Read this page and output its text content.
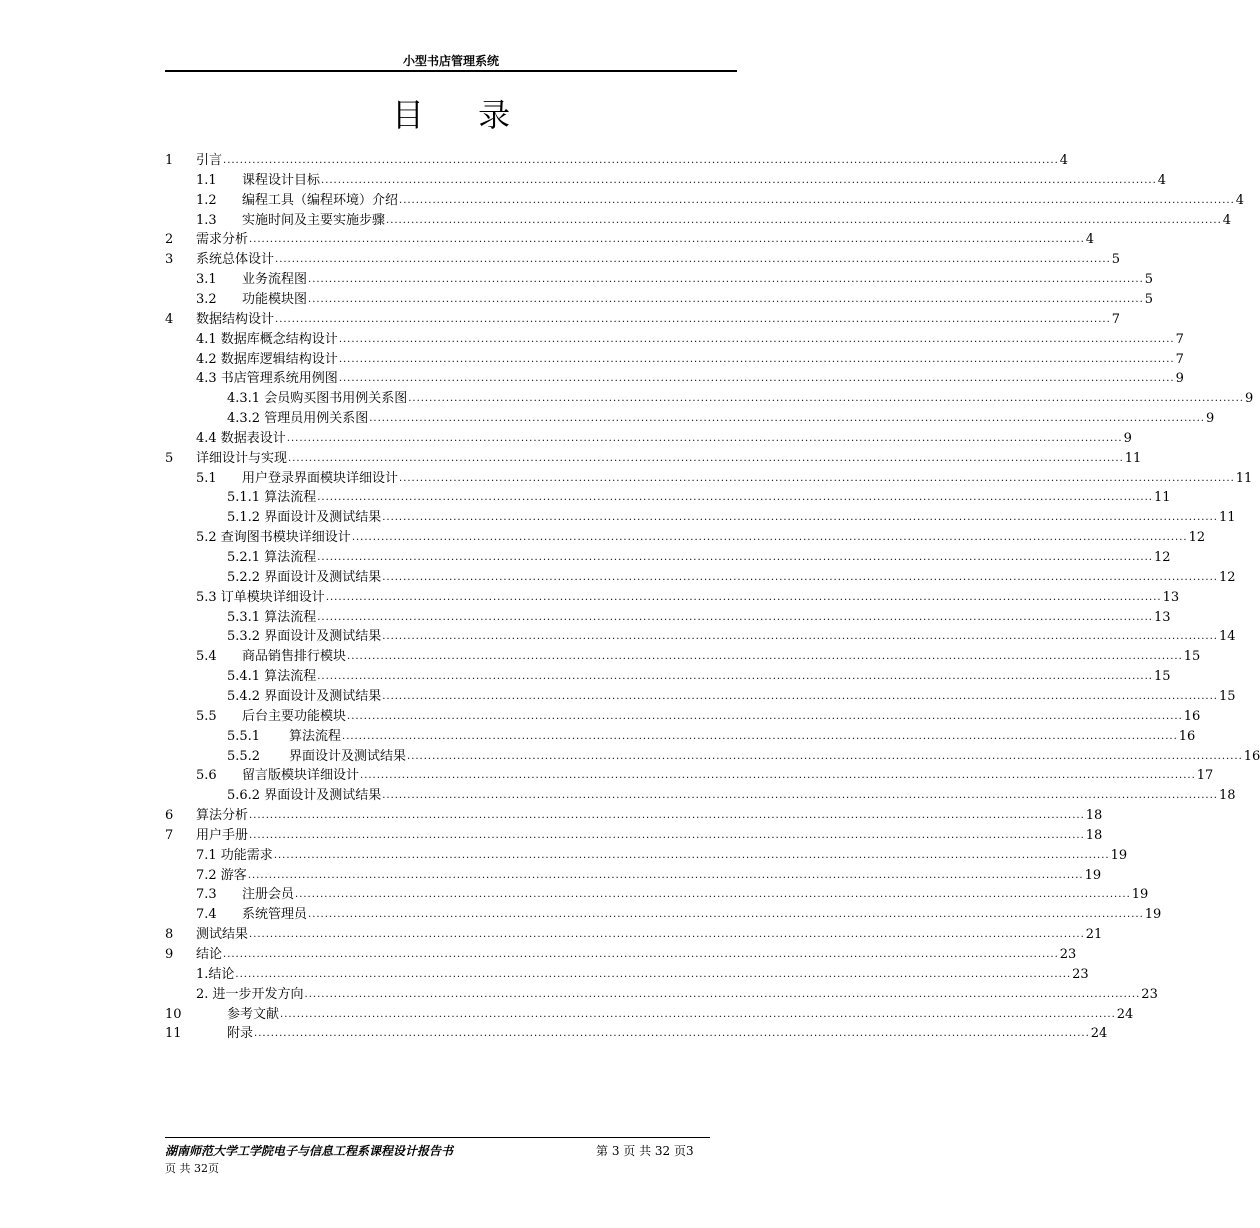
小型书店管理系统
目 录
1	引言 ........................................................................................................................................................................................................ 4
1.1	课程设计目标 ........................................................................................................................................................................................................ 4
1.2	编程工具（编程环境）介绍 ........................................................................................................................................................................................................ 4
1.3	实施时间及主要实施步骤 ........................................................................................................................................................................................................ 4
2	需求分析 ........................................................................................................................................................................................................ 4
3	系统总体设计 ........................................................................................................................................................................................................ 5
3.1	业务流程图 ........................................................................................................................................................................................................ 5
3.2	功能模块图 ........................................................................................................................................................................................................ 5
4	数据结构设计 ........................................................................................................................................................................................................ 7
4.1 数据库概念结构设计 ........................................................................................................................................................................................................ 7
4.2 数据库逻辑结构设计 ........................................................................................................................................................................................................ 7
4.3 书店管理系统用例图 ........................................................................................................................................................................................................ 9
4.3.1 会员购买图书用例关系图 ........................................................................................................................................................................................................ 9
4.3.2 管理员用例关系图 ........................................................................................................................................................................................................ 9
4.4 数据表设计 ........................................................................................................................................................................................................ 9
5	详细设计与实现 ........................................................................................................................................................................................................ 11
5.1	用户登录界面模块详细设计 ........................................................................................................................................................................................................ 11
5.1.1 算法流程 ........................................................................................................................................................................................................ 11
5.1.2 界面设计及测试结果 ........................................................................................................................................................................................................ 11
5.2 查询图书模块详细设计 ........................................................................................................................................................................................................ 12
5.2.1 算法流程 ........................................................................................................................................................................................................ 12
5.2.2 界面设计及测试结果 ........................................................................................................................................................................................................ 12
5.3 订单模块详细设计 ........................................................................................................................................................................................................ 13
5.3.1 算法流程 ........................................................................................................................................................................................................ 13
5.3.2 界面设计及测试结果 ........................................................................................................................................................................................................ 14
5.4	商品销售排行模块 ........................................................................................................................................................................................................ 15
5.4.1 算法流程 ........................................................................................................................................................................................................ 15
5.4.2 界面设计及测试结果 ........................................................................................................................................................................................................ 15
5.5	后台主要功能模块 ........................................................................................................................................................................................................ 16
5.5.1	算法流程 ........................................................................................................................................................................................................ 16
5.5.2	界面设计及测试结果 ........................................................................................................................................................................................................ 16
5.6	留言版模块详细设计 ........................................................................................................................................................................................................ 17
5.6.2 界面设计及测试结果 ........................................................................................................................................................................................................ 18
6	算法分析 ........................................................................................................................................................................................................ 18
7	用户手册 ........................................................................................................................................................................................................ 18
7.1 功能需求 ........................................................................................................................................................................................................ 19
7.2 游客 ........................................................................................................................................................................................................ 19
7.3	注册会员 ........................................................................................................................................................................................................ 19
7.4	系统管理员 ........................................................................................................................................................................................................ 19
8	测试结果 ........................................................................................................................................................................................................ 21
9	结论 ........................................................................................................................................................................................................ 23
1.结论 ........................................................................................................................................................................................................ 23
2. 进一步开发方向 ........................................................................................................................................................................................................ 23
10	参考文献 ........................................................................................................................................................................................................ 24
11	附录 ........................................................................................................................................................................................................ 24
湖南师范大学工学院电子与信息工程系课程设计报告书	第 3 页 共 32 页3
页 共 32页
